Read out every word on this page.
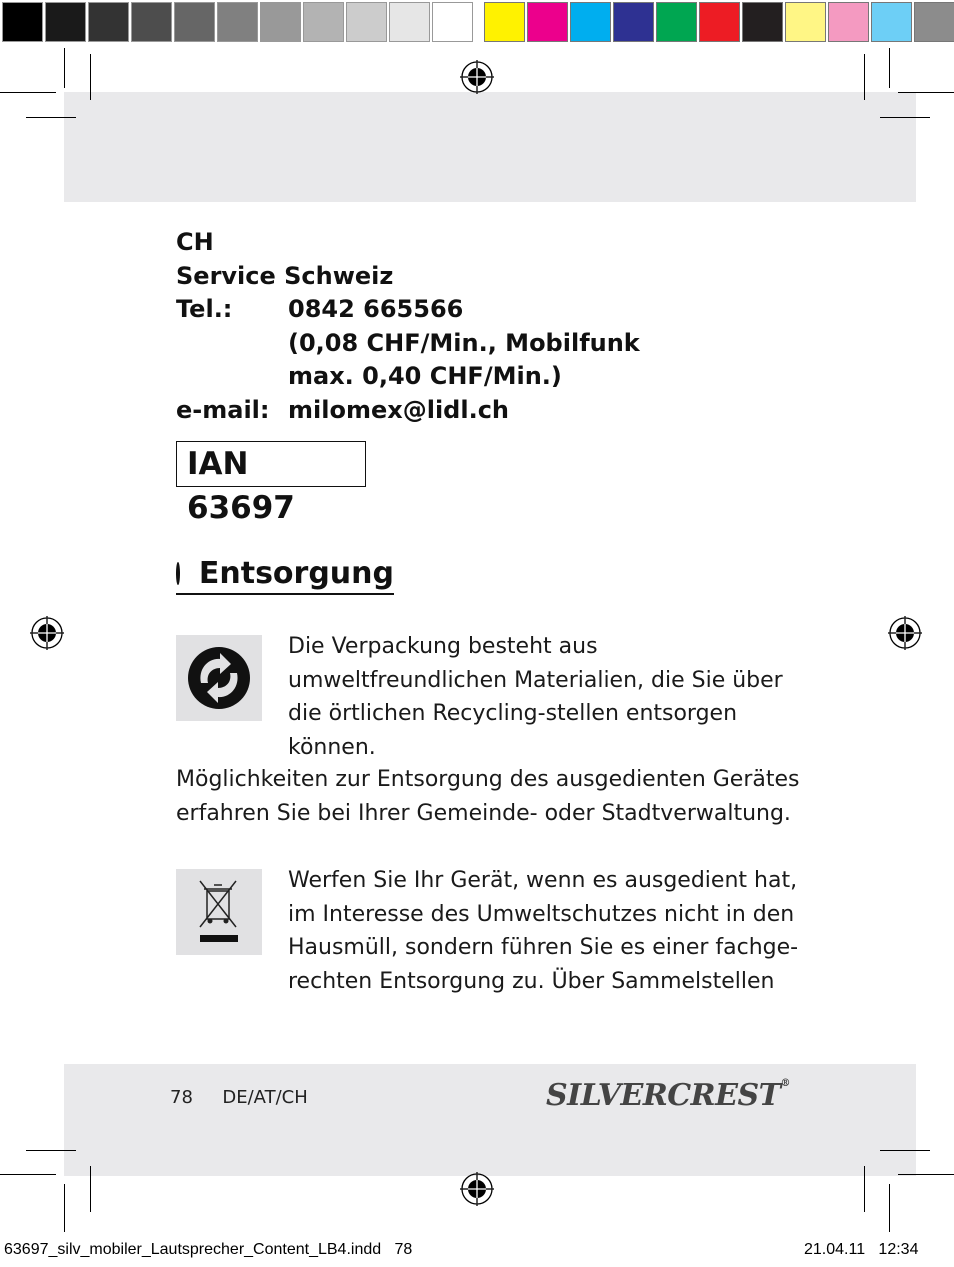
CH
Service Schweiz
Tel.:	0842 665566
(0,08 CHF/Min., Mobilfunk
max. 0,40 CHF/Min.)
e-mail: milomex@lidl.ch
IAN 63697
Entsorgung
Die Verpackung besteht aus umweltfreundlichen Materialien, die Sie über die örtlichen Recycling-stellen entsorgen können.
Möglichkeiten zur Entsorgung des ausgedienten Gerätes erfahren Sie bei Ihrer Gemeinde- oder Stadtverwaltung.
Werfen Sie Ihr Gerät, wenn es ausgedient hat, im Interesse des Umweltschutzes nicht in den Hausmüll, sondern führen Sie es einer fachge-rechten Entsorgung zu. Über Sammelstellen
78 DE/AT/CH	SILVERCREST®
63697_silv_mobiler_Lautsprecher_Content_LB4.indd   78	21.04.11   12:34
